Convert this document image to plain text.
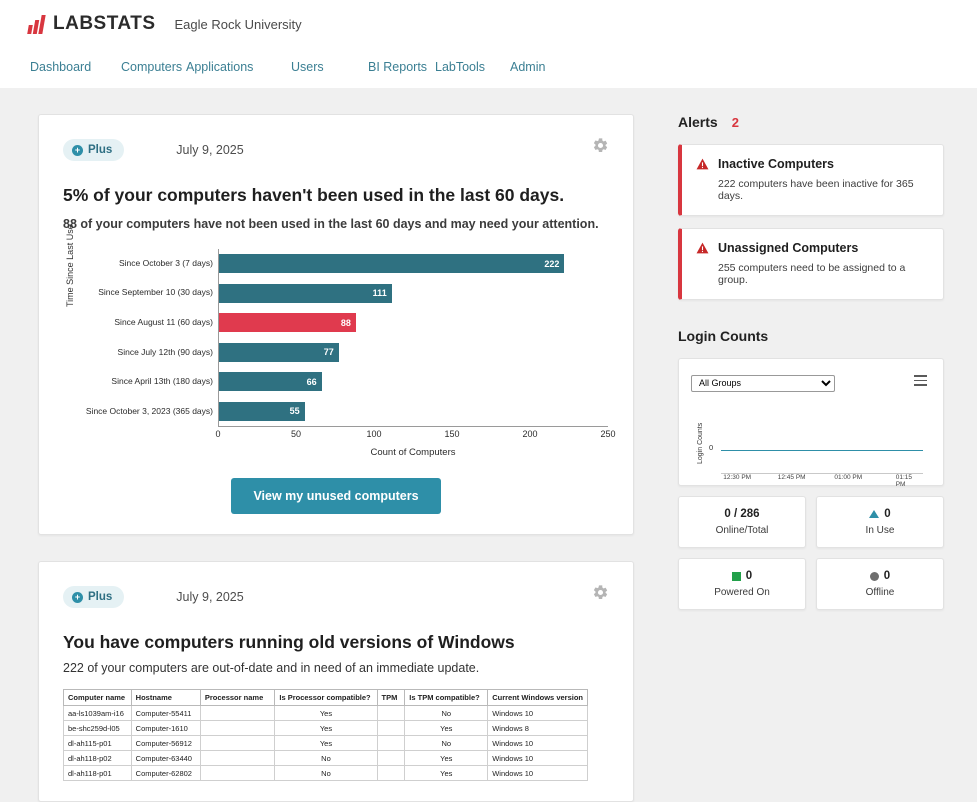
LABSTATS Eagle Rock University
Dashboard	Computers Applications	Users	BI Reports LabTools	Admin
+ Plus	July 9, 2025
5% of your computers haven't been used in the last 60 days.
88 of your computers have not been used in the last 60 days and may need your attention.
Time Since Last Use	Since October 3 (7 days)	222
Since September 10 (30 days)	111
Since August 11 (60 days)	88
Since July 12th (90 days)	77
Since April 13th (180 days)	66
Since October 3, 2023 (365 days)	55
0	50	100	150	200	250
Count of Computers
View my unused computers
+ Plus	July 9, 2025
You have computers running old versions of Windows
222 of your computers are out-of-date and in need of an immediate update.
Computer name	Hostname	Processor name	Is Processor compatible?	TPM	Is TPM compatible?	Current Windows version
aa-ls1039am-i16	Computer-55411		Yes		No	Windows 10
be-shc259d-l05	Computer-1610		Yes		Yes	Windows 8
dl-ah115-p01	Computer-56912		Yes		No	Windows 10
dl-ah118-p02	Computer-63440		No		Yes	Windows 10
dl-ah118-p01	Computer-62802		No		Yes	Windows 10
Alerts 2
Inactive Computers
222 computers have been inactive for 365 days.
Unassigned Computers
255 computers need to be assigned to a group.
Login Counts
All Groups
Login Counts 0
12:30 PM	12:45 PM	01:00 PM	01:15 PM
0 / 286
Online/Total
0
In Use
0
Powered On
0
Offline
